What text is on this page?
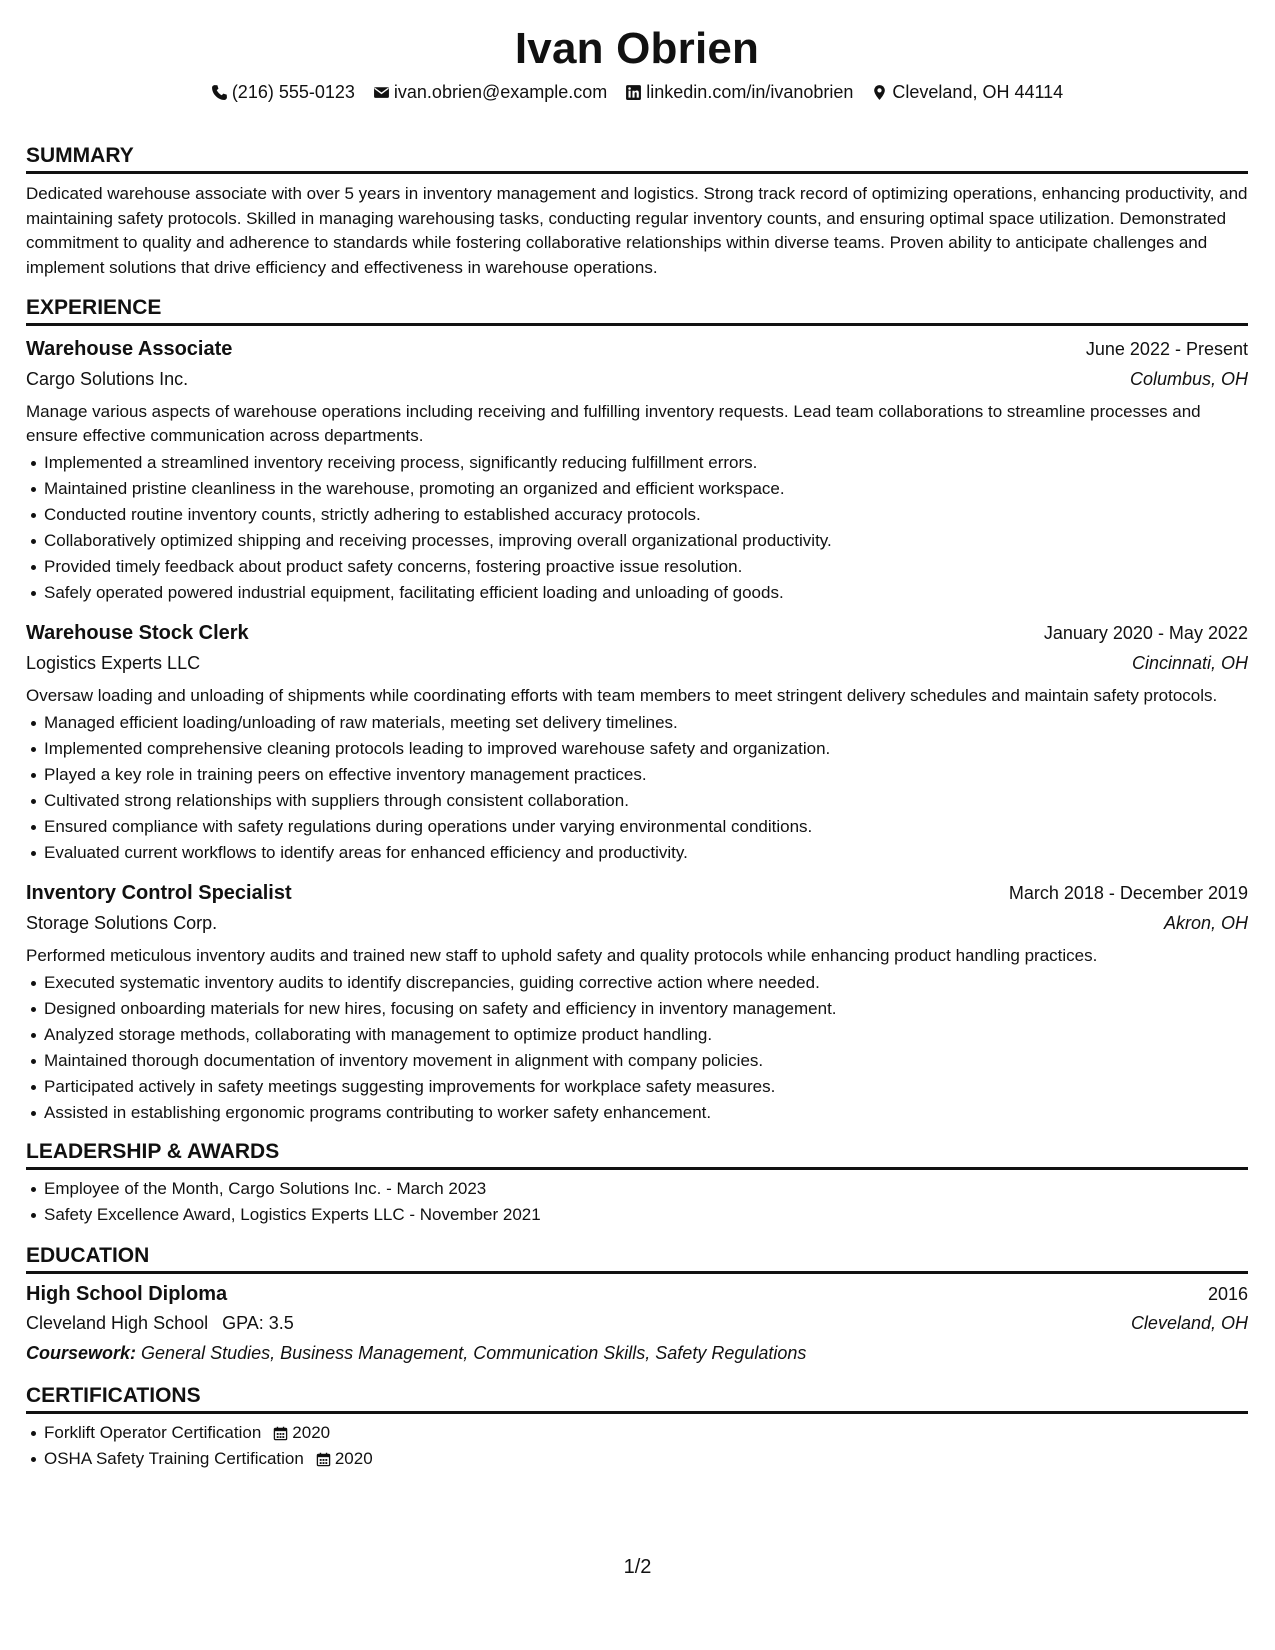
Ivan Obrien
(216) 555-0123 ivan.obrien@example.com linkedin.com/in/ivanobrien Cleveland, OH 44114
SUMMARY
Dedicated warehouse associate with over 5 years in inventory management and logistics. Strong track record of optimizing operations, enhancing productivity, and maintaining safety protocols. Skilled in managing warehousing tasks, conducting regular inventory counts, and ensuring optimal space utilization. Demonstrated commitment to quality and adherence to standards while fostering collaborative relationships within diverse teams. Proven ability to anticipate challenges and implement solutions that drive efficiency and effectiveness in warehouse operations.
EXPERIENCE
Warehouse Associate	June 2022 - Present
Cargo Solutions Inc.	Columbus, OH
Manage various aspects of warehouse operations including receiving and fulfilling inventory requests. Lead team collaborations to streamline processes and ensure effective communication across departments.
Implemented a streamlined inventory receiving process, significantly reducing fulfillment errors.
Maintained pristine cleanliness in the warehouse, promoting an organized and efficient workspace.
Conducted routine inventory counts, strictly adhering to established accuracy protocols.
Collaboratively optimized shipping and receiving processes, improving overall organizational productivity.
Provided timely feedback about product safety concerns, fostering proactive issue resolution.
Safely operated powered industrial equipment, facilitating efficient loading and unloading of goods.
Warehouse Stock Clerk	January 2020 - May 2022
Logistics Experts LLC	Cincinnati, OH
Oversaw loading and unloading of shipments while coordinating efforts with team members to meet stringent delivery schedules and maintain safety protocols.
Managed efficient loading/unloading of raw materials, meeting set delivery timelines.
Implemented comprehensive cleaning protocols leading to improved warehouse safety and organization.
Played a key role in training peers on effective inventory management practices.
Cultivated strong relationships with suppliers through consistent collaboration.
Ensured compliance with safety regulations during operations under varying environmental conditions.
Evaluated current workflows to identify areas for enhanced efficiency and productivity.
Inventory Control Specialist	March 2018 - December 2019
Storage Solutions Corp.	Akron, OH
Performed meticulous inventory audits and trained new staff to uphold safety and quality protocols while enhancing product handling practices.
Executed systematic inventory audits to identify discrepancies, guiding corrective action where needed.
Designed onboarding materials for new hires, focusing on safety and efficiency in inventory management.
Analyzed storage methods, collaborating with management to optimize product handling.
Maintained thorough documentation of inventory movement in alignment with company policies.
Participated actively in safety meetings suggesting improvements for workplace safety measures.
Assisted in establishing ergonomic programs contributing to worker safety enhancement.
LEADERSHIP & AWARDS
Employee of the Month, Cargo Solutions Inc. - March 2023
Safety Excellence Award, Logistics Experts LLC - November 2021
EDUCATION
High School Diploma	2016
Cleveland High School GPA: 3.5	Cleveland, OH
Coursework: General Studies, Business Management, Communication Skills, Safety Regulations
CERTIFICATIONS
Forklift Operator Certification 2020
OSHA Safety Training Certification 2020
1/2
